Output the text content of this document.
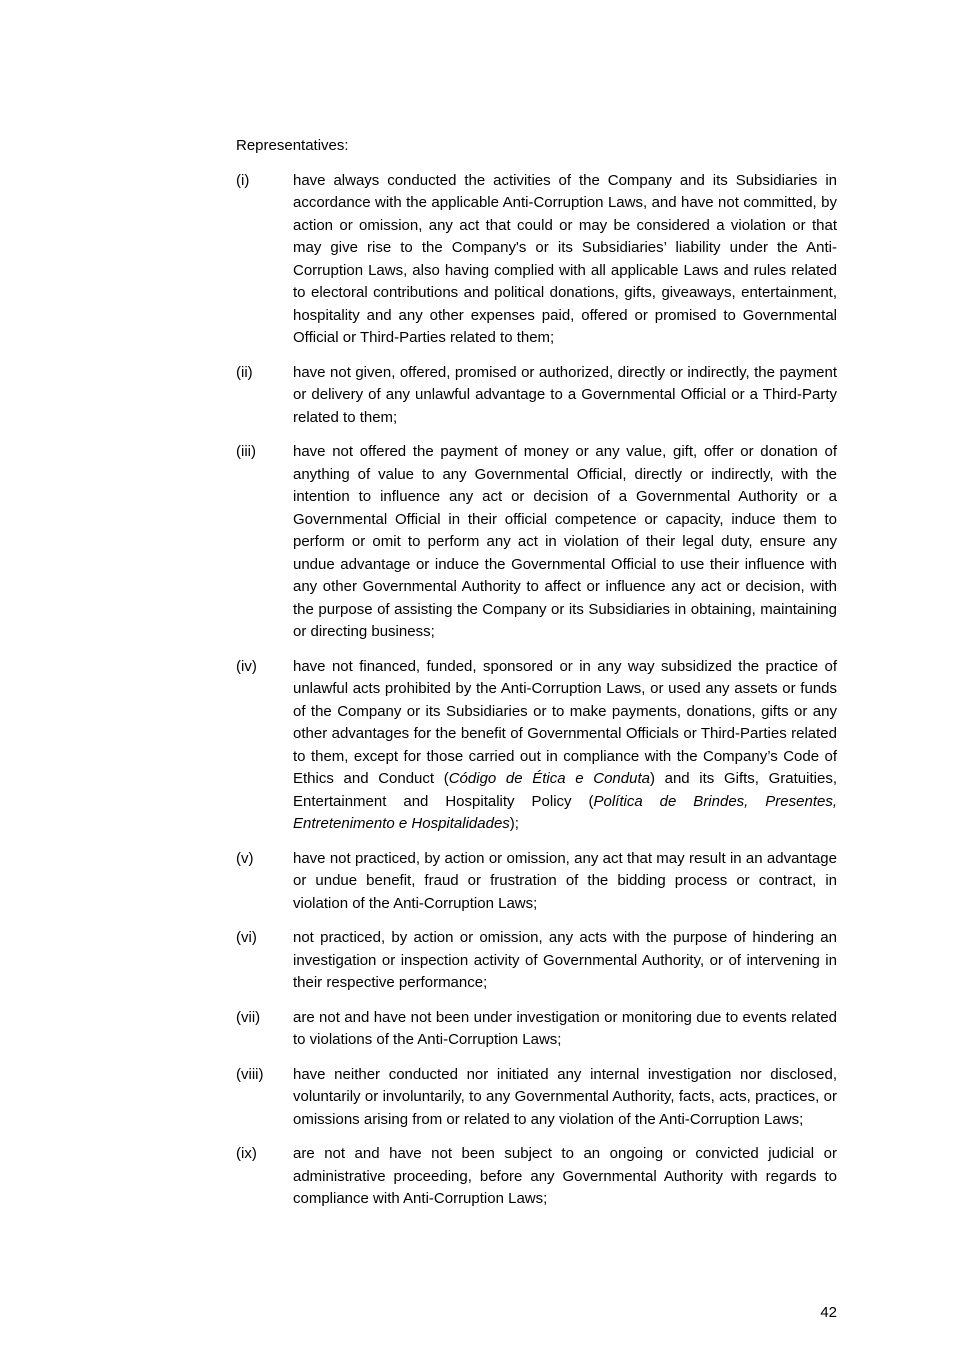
Representatives:

(i)	have always conducted the activities of the Company and its Subsidiaries in accordance with the applicable Anti-Corruption Laws, and have not committed, by action or omission, any act that could or may be considered a violation or that may give rise to the Company's or its Subsidiaries’ liability under the Anti-Corruption Laws, also having complied with all applicable Laws and rules related to electoral contributions and political donations, gifts, giveaways, entertainment, hospitality and any other expenses paid, offered or promised to Governmental Official or Third-Parties related to them;
(ii)	have not given, offered, promised or authorized, directly or indirectly, the payment or delivery of any unlawful advantage to a Governmental Official or a Third-Party related to them;
(iii)	have not offered the payment of money or any value, gift, offer or donation of anything of value to any Governmental Official, directly or indirectly, with the intention to influence any act or decision of a Governmental Authority or a Governmental Official in their official competence or capacity, induce them to perform or omit to perform any act in violation of their legal duty, ensure any undue advantage or induce the Governmental Official to use their influence with any other Governmental Authority to affect or influence any act or decision, with the purpose of assisting the Company or its Subsidiaries in obtaining, maintaining or directing business;
(iv)	have not financed, funded, sponsored or in any way subsidized the practice of unlawful acts prohibited by the Anti-Corruption Laws, or used any assets or funds of the Company or its Subsidiaries or to make payments, donations, gifts or any other advantages for the benefit of Governmental Officials or Third-Parties related to them, except for those carried out in compliance with the Company’s Code of Ethics and Conduct (Código de Ética e Conduta) and its Gifts, Gratuities, Entertainment and Hospitality Policy (Política de Brindes, Presentes, Entretenimento e Hospitalidades);
(v)	have not practiced, by action or omission, any act that may result in an advantage or undue benefit, fraud or frustration of the bidding process or contract, in violation of the Anti-Corruption Laws;
(vi)	not practiced, by action or omission, any acts with the purpose of hindering an investigation or inspection activity of Governmental Authority, or of intervening in their respective performance;
(vii)	are not and have not been under investigation or monitoring due to events related to violations of the Anti-Corruption Laws;
(viii)	have neither conducted nor initiated any internal investigation nor disclosed, voluntarily or involuntarily, to any Governmental Authority, facts, acts, practices, or omissions arising from or related to any violation of the Anti-Corruption Laws;
(ix)	are not and have not been subject to an ongoing or convicted judicial or administrative proceeding, before any Governmental Authority with regards to compliance with Anti-Corruption Laws;
42
